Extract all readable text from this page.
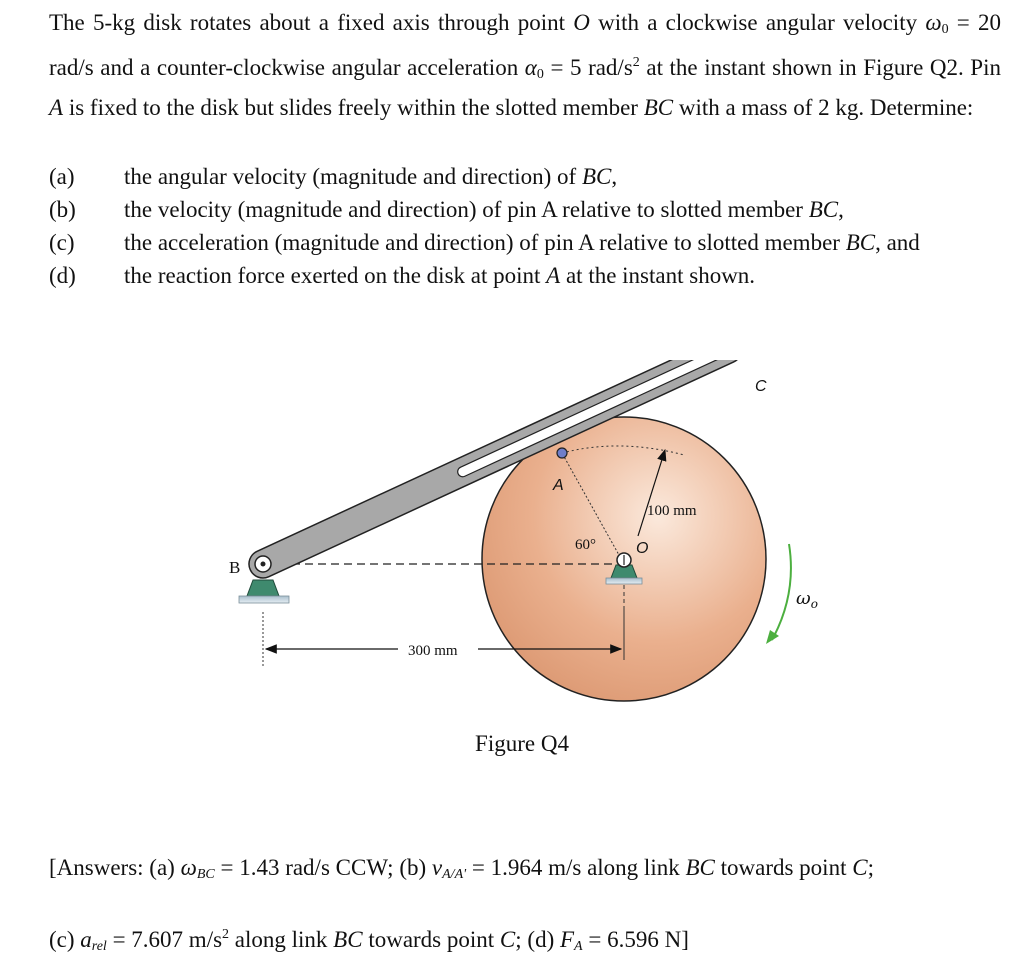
The 5-kg disk rotates about a fixed axis through point O with a clockwise angular velocity $\omega_0 = 20$ rad/s and a counter-clockwise angular acceleration $\alpha_0 = 5$ rad/$s^2$ at the instant shown in Figure Q2. Pin A is fixed to the disk but slides freely within the slotted member BC with a mass of 2 kg. Determine:
(a)	the angular velocity (magnitude and direction) of BC,
(b)	the velocity (magnitude and direction) of pin A relative to slotted member BC,
(c)	the acceleration (magnitude and direction) of pin A relative to slotted member BC, and
(d)	the reaction force exerted on the disk at point A at the instant shown.
B
C
A
O
60°
100 mm
300 mm
$\omega_o$
Figure Q4
[Answers: (a) $\omega_{BC} = 1.43$ rad/s CCW; (b) $v_{A/A'} = 1.964$ m/s along link BC towards point C;
(c) $a_{rel} = 7.607$ $m/s^2$ along link BC towards point C; (d) $F_A = 6.596$ N]
